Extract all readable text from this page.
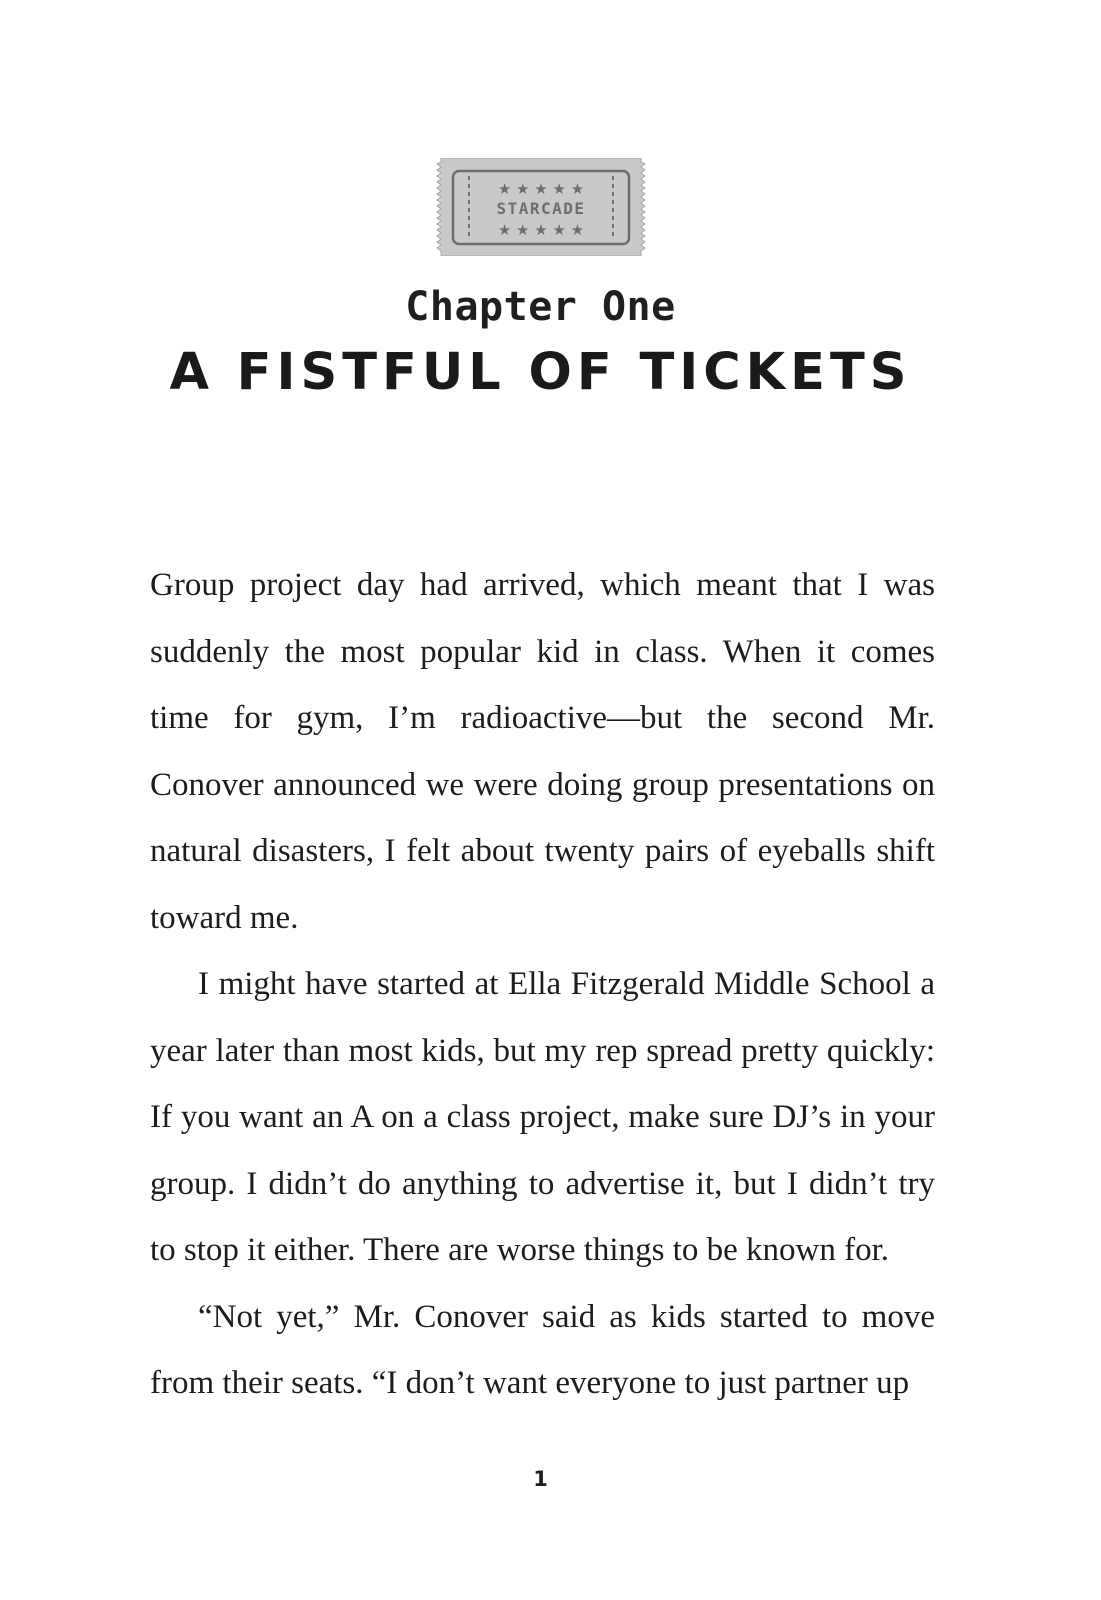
★ ★ ★ ★ ★
STARCADE
★ ★ ★ ★ ★
Chapter One
A FISTFUL OF TICKETS

Group project day had arrived, which meant that I was suddenly the most popular kid in class. When it comes time for gym, I’m radioactive—but the second Mr. Conover announced we were doing group presentations on natural disasters, I felt about twenty pairs of eyeballs shift toward me.

I might have started at Ella Fitzgerald Middle School a year later than most kids, but my rep spread pretty quickly: If you want an A on a class project, make sure DJ’s in your group. I didn’t do anything to advertise it, but I didn’t try to stop it either. There are worse things to be known for.

“Not yet,” Mr. Conover said as kids started to move from their seats. “I don’t want everyone to just partner up

1
